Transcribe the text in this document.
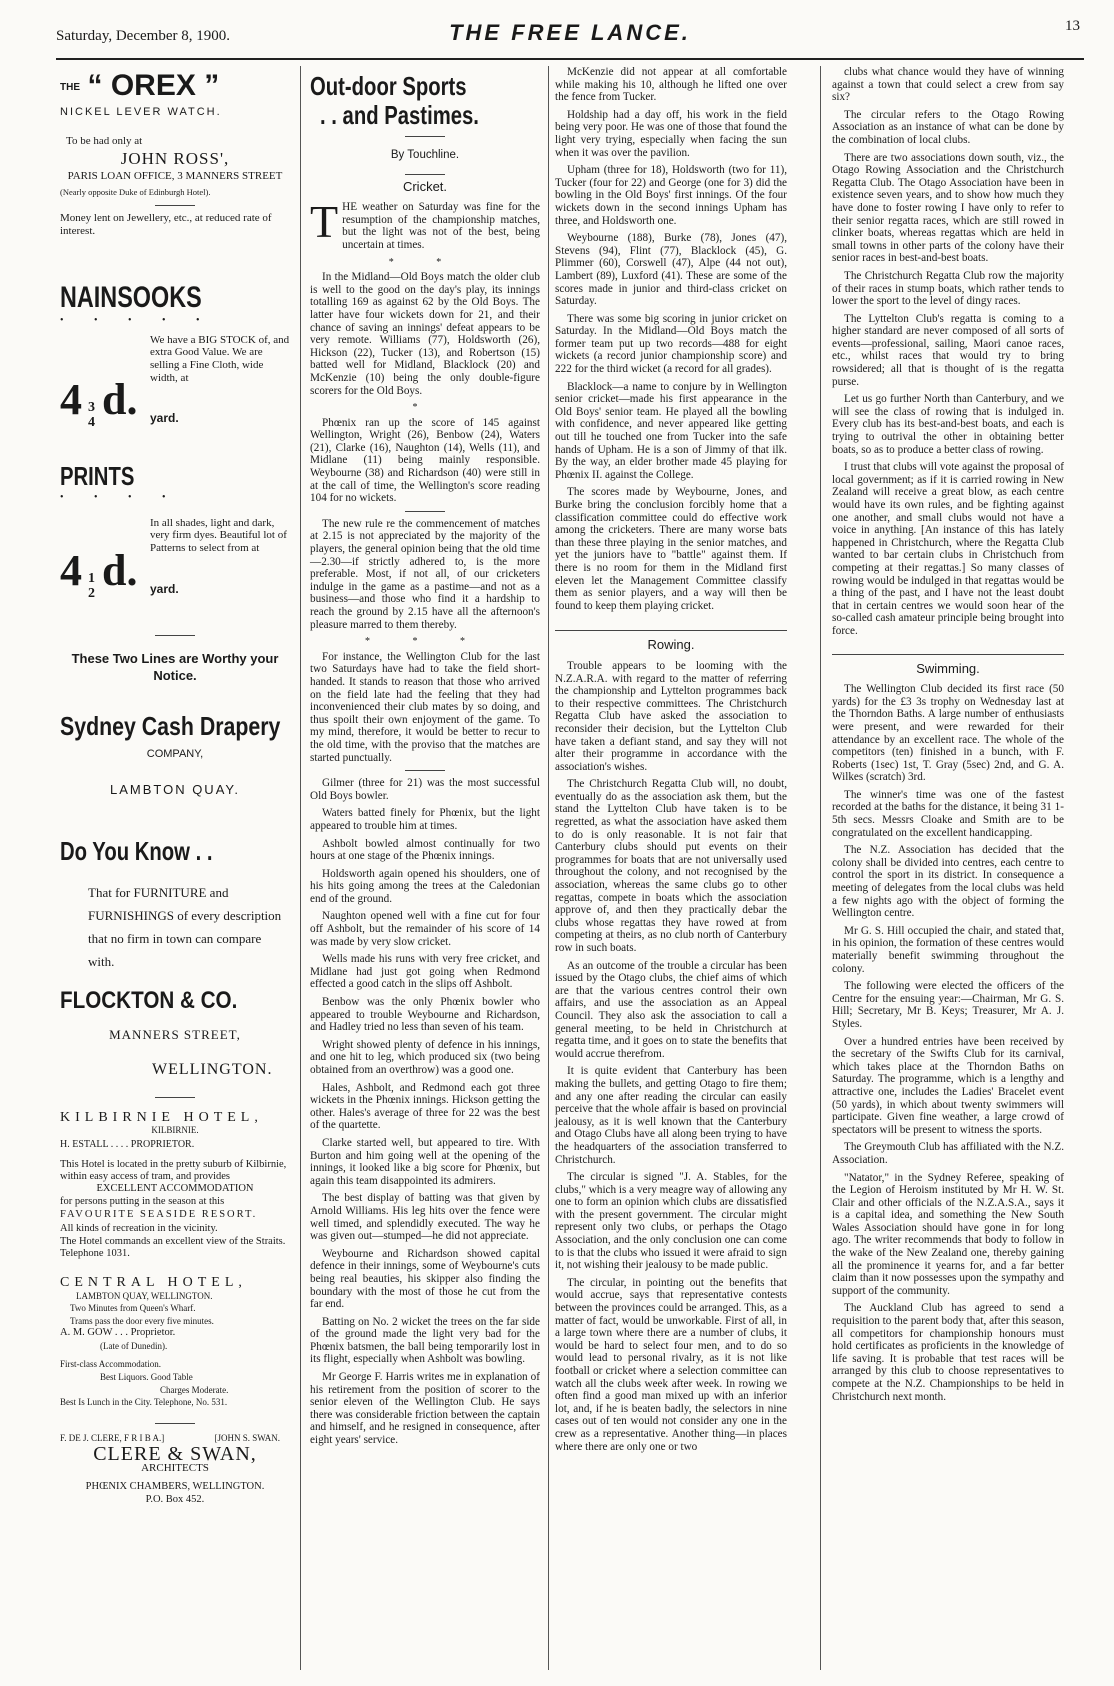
Saturday, December 8, 1900.	THE FREE LANCE.	13
THE “ OREX ”
NICKEL LEVER WATCH.
To be had only at
JOHN ROSS',
PARIS LOAN OFFICE, 3 MANNERS STREET
(Nearly opposite Duke of Edinburgh Hotel).
Money lent on Jewellery, etc., at reduced rate of interest.
NAINSOOKS
• • • • •
We have a BIG STOCK of, and extra Good Value. We are selling a Fine Cloth, wide width, at
4 3
4 d. yard.
PRINTS
• • • •
In all shades, light and dark, very firm dyes. Beautiful lot of Patterns to select from at
4 1
2 d. yard.
These Two Lines are Worthy your Notice.
Sydney Cash Drapery
COMPANY,
LAMBTON QUAY.
Do You Know . .
That for FURNITURE and FURNISHINGS of every description that no firm in town can compare with.
FLOCKTON & CO.
MANNERS STREET,
WELLINGTON.
KILBIRNIE HOTEL,
KILBIRNIE.
H. ESTALL . . . . PROPRIETOR.
This Hotel is located in the pretty suburb of Kilbirnie, within easy access of tram, and provides
EXCELLENT ACCOMMODATION
for persons putting in the season at this
FAVOURITE SEASIDE RESORT.
All kinds of recreation in the vicinity.
The Hotel commands an excellent view of the Straits. Telephone 1031.
CENTRAL HOTEL,
LAMBTON QUAY, WELLINGTON.
Two Minutes from Queen's Wharf.
Trams pass the door every five minutes.
A. M. GOW . . . Proprietor.
(Late of Dunedin).
First-class Accommodation.
Best Liquors. Good Table
Charges Moderate.
Best Is Lunch in the City. Telephone, No. 531.
F. DE J. CLERE, F R I B A.]	[JOHN S. SWAN.
CLERE & SWAN,
ARCHITECTS
PHŒNIX CHAMBERS, WELLINGTON.
P.O. Box 452.
Out-door Sports
. . and Pastimes.
By Touchline.
Cricket.

THE weather on Saturday was fine for the resumption of the championship matches, but the light was not of the best, being uncertain at times.

* *

In the Midland—Old Boys match the older club is well to the good on the day's play, its innings totalling 169 as against 62 by the Old Boys. The latter have four wickets down for 21, and their chance of saving an innings' defeat appears to be very remote. Williams (77), Holdsworth (26), Hickson (22), Tucker (13), and Robertson (15) batted well for Midland, Blacklock (20) and McKenzie (10) being the only double-figure scorers for the Old Boys.

*

Phœnix ran up the score of 145 against Wellington, Wright (26), Benbow (24), Waters (21), Clarke (16), Naughton (14), Wells (11), and Midlane (11) being mainly responsible. Weybourne (38) and Richardson (40) were still in at the call of time, the Wellington's score reading 104 for no wickets.

The new rule re the commencement of matches at 2.15 is not appreciated by the majority of the players, the general opinion being that the old time—2.30—if strictly adhered to, is the more preferable. Most, if not all, of our cricketers indulge in the game as a pastime—and not as a business—and those who find it a hardship to reach the ground by 2.15 have all the afternoon's pleasure marred to them thereby.

* * *

For instance, the Wellington Club for the last two Saturdays have had to take the field short-handed. It stands to reason that those who arrived on the field late had the feeling that they had inconvenienced their club mates by so doing, and thus spoilt their own enjoyment of the game. To my mind, therefore, it would be better to recur to the old time, with the proviso that the matches are started punctually.

Gilmer (three for 21) was the most successful Old Boys bowler.

Waters batted finely for Phœnix, but the light appeared to trouble him at times.

Ashbolt bowled almost continually for two hours at one stage of the Phœnix innings.

Holdsworth again opened his shoulders, one of his hits going among the trees at the Caledonian end of the ground.

Naughton opened well with a fine cut for four off Ashbolt, but the remainder of his score of 14 was made by very slow cricket.

Wells made his runs with very free cricket, and Midlane had just got going when Redmond effected a good catch in the slips off Ashbolt.

Benbow was the only Phœnix bowler who appeared to trouble Weybourne and Richardson, and Hadley tried no less than seven of his team.

Wright showed plenty of defence in his innings, and one hit to leg, which produced six (two being obtained from an overthrow) was a good one.

Hales, Ashbolt, and Redmond each got three wickets in the Phœnix innings. Hickson getting the other. Hales's average of three for 22 was the best of the quartette.

Clarke started well, but appeared to tire. With Burton and him going well at the opening of the innings, it looked like a big score for Phœnix, but again this team disappointed its admirers.

The best display of batting was that given by Arnold Williams. His leg hits over the fence were well timed, and splendidly executed. The way he was given out—stumped—he did not appreciate.

Weybourne and Richardson showed capital defence in their innings, some of Weybourne's cuts being real beauties, his skipper also finding the boundary with the most of those he cut from the far end.

Batting on No. 2 wicket the trees on the far side of the ground made the light very bad for the Phœnix batsmen, the ball being temporarily lost in its flight, especially when Ashbolt was bowling.

Mr George F. Harris writes me in explanation of his retirement from the position of scorer to the senior eleven of the Wellington Club. He says there was considerable friction between the captain and himself, and he resigned in consequence, after eight years' service.

McKenzie did not appear at all comfortable while making his 10, although he lifted one over the fence from Tucker.

Holdship had a day off, his work in the field being very poor. He was one of those that found the light very trying, especially when facing the sun when it was over the pavilion.

Upham (three for 18), Holdsworth (two for 11), Tucker (four for 22) and George (one for 3) did the bowling in the Old Boys' first innings. Of the four wickets down in the second innings Upham has three, and Holdsworth one.

Weybourne (188), Burke (78), Jones (47), Stevens (94), Flint (77), Blacklock (45), G. Plimmer (60), Corswell (47), Alpe (44 not out), Lambert (89), Luxford (41). These are some of the scores made in junior and third-class cricket on Saturday.

There was some big scoring in junior cricket on Saturday. In the Midland—Old Boys match the former team put up two records—488 for eight wickets (a record junior championship score) and 222 for the third wicket (a record for all grades).

Blacklock—a name to conjure by in Wellington senior cricket—made his first appearance in the Old Boys' senior team. He played all the bowling with confidence, and never appeared like getting out till he touched one from Tucker into the safe hands of Upham. He is a son of Jimmy of that ilk. By the way, an elder brother made 45 playing for Phœnix II. against the College.

The scores made by Weybourne, Jones, and Burke bring the conclusion forcibly home that a classification committee could do effective work among the cricketers. There are many worse bats than these three playing in the senior matches, and yet the juniors have to "battle" against them. If there is no room for them in the Midland first eleven let the Management Committee classify them as senior players, and a way will then be found to keep them playing cricket.

Rowing.

Trouble appears to be looming with the N.Z.A.R.A. with regard to the matter of referring the championship and Lyttelton programmes back to their respective committees. The Christchurch Regatta Club have asked the association to reconsider their decision, but the Lyttelton Club have taken a defiant stand, and say they will not alter their programme in accordance with the association's wishes.

The Christchurch Regatta Club will, no doubt, eventually do as the association ask them, but the stand the Lyttelton Club have taken is to be regretted, as what the association have asked them to do is only reasonable. It is not fair that Canterbury clubs should put events on their programmes for boats that are not universally used throughout the colony, and not recognised by the association, whereas the same clubs go to other regattas, compete in boats which the association approve of, and then they practically debar the clubs whose regattas they have rowed at from competing at theirs, as no club north of Canterbury row in such boats.

As an outcome of the trouble a circular has been issued by the Otago clubs, the chief aims of which are that the various centres control their own affairs, and use the association as an Appeal Council. They also ask the association to call a general meeting, to be held in Christchurch at regatta time, and it goes on to state the benefits that would accrue therefrom.

It is quite evident that Canterbury has been making the bullets, and getting Otago to fire them; and any one after reading the circular can easily perceive that the whole affair is based on provincial jealousy, as it is well known that the Canterbury and Otago Clubs have all along been trying to have the headquarters of the association transferred to Christchurch.

The circular is signed "J. A. Stables, for the clubs," which is a very meagre way of allowing any one to form an opinion which clubs are dissatisfied with the present government. The circular might represent only two clubs, or perhaps the Otago Association, and the only conclusion one can come to is that the clubs who issued it were afraid to sign it, not wishing their jealousy to be made public.

The circular, in pointing out the benefits that would accrue, says that representative contests between the provinces could be arranged. This, as a matter of fact, would be unworkable. First of all, in a large town where there are a number of clubs, it would be hard to select four men, and to do so would lead to personal rivalry, as it is not like football or cricket where a selection committee can watch all the clubs week after week. In rowing we often find a good man mixed up with an inferior lot, and, if he is beaten badly, the selectors in nine cases out of ten would not consider any one in the crew as a representative. Another thing—in places where there are only one or two

clubs what chance would they have of winning against a town that could select a crew from say six?

The circular refers to the Otago Rowing Association as an instance of what can be done by the combination of local clubs.

There are two associations down south, viz., the Otago Rowing Association and the Christchurch Regatta Club. The Otago Association have been in existence seven years, and to show how much they have done to foster rowing I have only to refer to their senior regatta races, which are still rowed in clinker boats, whereas regattas which are held in small towns in other parts of the colony have their senior races in best-and-best boats.

The Christchurch Regatta Club row the majority of their races in stump boats, which rather tends to lower the sport to the level of dingy races.

The Lyttelton Club's regatta is coming to a higher standard are never composed of all sorts of events—professional, sailing, Maori canoe races, etc., whilst races that would try to bring rowsidered; all that is thought of is the regatta purse.

Let us go further North than Canterbury, and we will see the class of rowing that is indulged in. Every club has its best-and-best boats, and each is trying to outrival the other in obtaining better boats, so as to produce a better class of rowing.

I trust that clubs will vote against the proposal of local government; as if it is carried rowing in New Zealand will receive a great blow, as each centre would have its own rules, and be fighting against one another, and small clubs would not have a voice in anything. [An instance of this has lately happened in Christchurch, where the Regatta Club wanted to bar certain clubs in Christchuch from competing at their regattas.] So many classes of rowing would be indulged in that regattas would be a thing of the past, and I have not the least doubt that in certain centres we would soon hear of the so-called cash amateur principle being brought into force.

Swimming.

The Wellington Club decided its first race (50 yards) for the £3 3s trophy on Wednesday last at the Thorndon Baths. A large number of enthusiasts were present, and were rewarded for their attendance by an excellent race. The whole of the competitors (ten) finished in a bunch, with F. Roberts (1sec) 1st, T. Gray (5sec) 2nd, and G. A. Wilkes (scratch) 3rd.

The winner's time was one of the fastest recorded at the baths for the distance, it being 31 1-5th secs. Messrs Cloake and Smith are to be congratulated on the excellent handicapping.

The N.Z. Association has decided that the colony shall be divided into centres, each centre to control the sport in its district. In consequence a meeting of delegates from the local clubs was held a few nights ago with the object of forming the Wellington centre.

Mr G. S. Hill occupied the chair, and stated that, in his opinion, the formation of these centres would materially benefit swimming throughout the colony.

The following were elected the officers of the Centre for the ensuing year:—Chairman, Mr G. S. Hill; Secretary, Mr B. Keys; Treasurer, Mr A. J. Styles.

Over a hundred entries have been received by the secretary of the Swifts Club for its carnival, which takes place at the Thorndon Baths on Saturday. The programme, which is a lengthy and attractive one, includes the Ladies' Bracelet event (50 yards), in which about twenty swimmers will participate. Given fine weather, a large crowd of spectators will be present to witness the sports.

The Greymouth Club has affiliated with the N.Z. Association.

"Natator," in the Sydney Referee, speaking of the Legion of Heroism instituted by Mr H. W. St. Clair and other officials of the N.Z.A.S.A., says it is a capital idea, and something the New South Wales Association should have gone in for long ago. The writer recommends that body to follow in the wake of the New Zealand one, thereby gaining all the prominence it yearns for, and a far better claim than it now possesses upon the sympathy and support of the community.

The Auckland Club has agreed to send a requisition to the parent body that, after this season, all competitors for championship honours must hold certificates as proficients in the knowledge of life saving. It is probable that test races will be arranged by this club to choose representatives to compete at the N.Z. Championships to be held in Christchurch next month.
